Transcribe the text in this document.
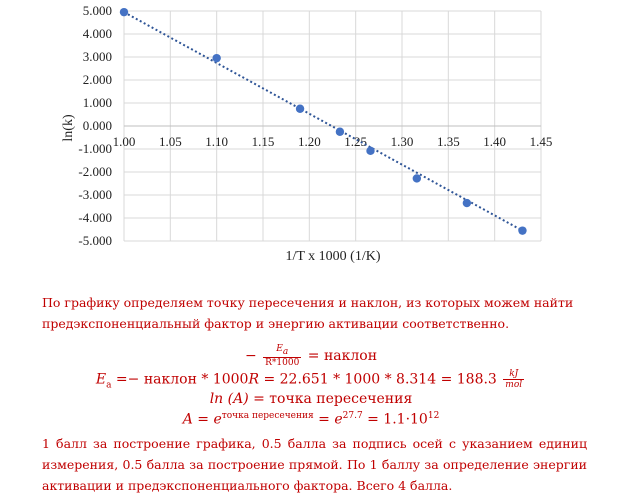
5.000
4.000
3.000
2.000
1.000
0.000
-1.000
-2.000
-3.000
-4.000
-5.000
1.00 1.05 1.10 1.15 1.20 1.25 1.30 1.35 1.40 1.45
ln(k)
1/T x 1000 (1/K)
По графику определяем точку пересечения и наклон, из которых можем найти предэкспоненциальный фактор и энергию активации соответственно.
− $\frac{E_a}{R*1000}$ = наклон
$E_a$ =− наклон * $1000R = 22.651 * 1000 * 8.314 = 188.3 \frac{kJ}{\text{mol}}$
ln (A) = точка пересечения
$A = e^{точка пересечения} = e^{27.7} = 1.1\cdot 10^{12}$
1 балл за построение графика, 0.5 балла за подпись осей с указанием единиц измерения, 0.5 балла за построение прямой. По 1 баллу за определение энергии активации и предэкспоненциального фактора. Всего 4 балла.
